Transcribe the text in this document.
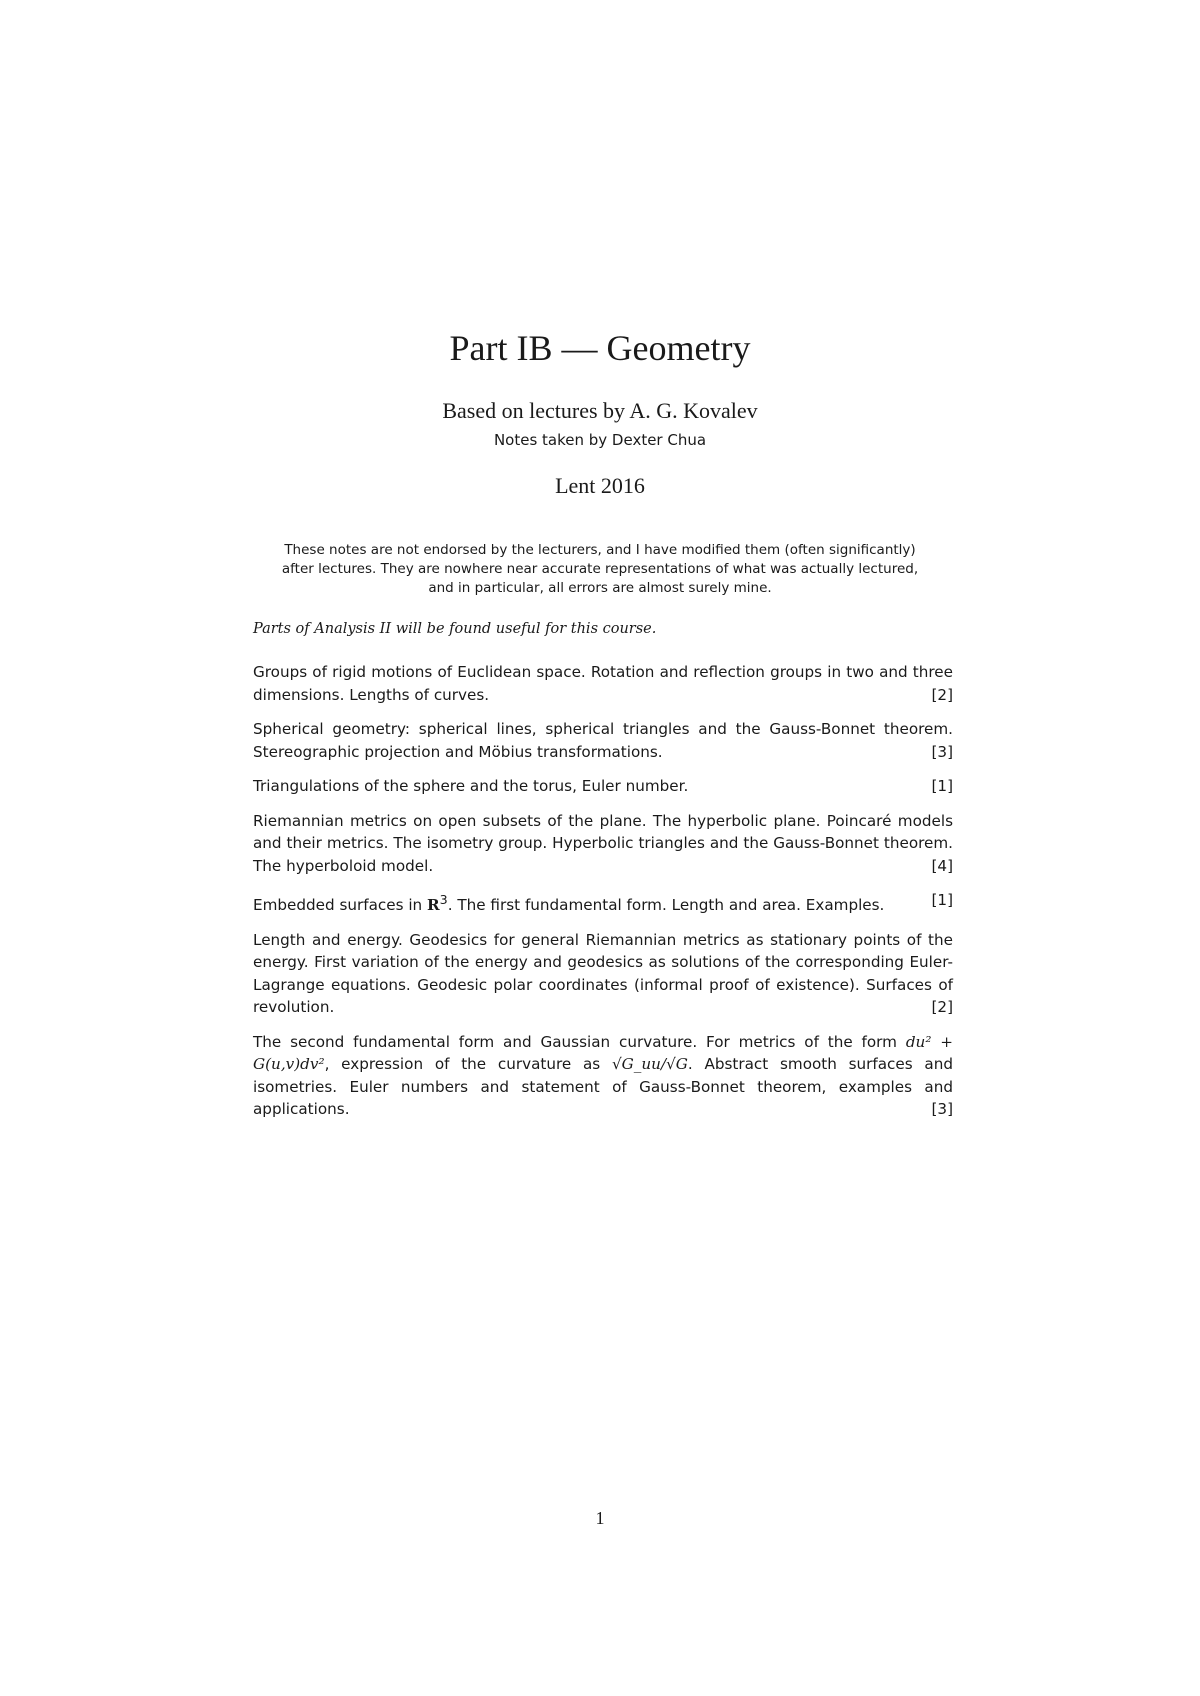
Part IB — Geometry
Based on lectures by A. G. Kovalev
Notes taken by Dexter Chua
Lent 2016
These notes are not endorsed by the lecturers, and I have modified them (often significantly) after lectures. They are nowhere near accurate representations of what was actually lectured, and in particular, all errors are almost surely mine.
Parts of Analysis II will be found useful for this course.

Groups of rigid motions of Euclidean space. Rotation and reflection groups in two and three dimensions. Lengths of curves.	[2]

Spherical geometry: spherical lines, spherical triangles and the Gauss-Bonnet theorem. Stereographic projection and Möbius transformations.	[3]

Triangulations of the sphere and the torus, Euler number.	[1]

Riemannian metrics on open subsets of the plane. The hyperbolic plane. Poincaré models and their metrics. The isometry group. Hyperbolic triangles and the Gauss-Bonnet theorem. The hyperboloid model.	[4]

Embedded surfaces in $R^3$. The first fundamental form. Length and area. Examples.	[1]

Length and energy. Geodesics for general Riemannian metrics as stationary points of the energy. First variation of the energy and geodesics as solutions of the corresponding Euler-Lagrange equations. Geodesic polar coordinates (informal proof of existence). Surfaces of revolution.	[2]

The second fundamental form and Gaussian curvature. For metrics of the form du² + G(u,v)dv², expression of the curvature as √G_uu/√G. Abstract smooth surfaces and isometries. Euler numbers and statement of Gauss-Bonnet theorem, examples and applications.	[3]

1
